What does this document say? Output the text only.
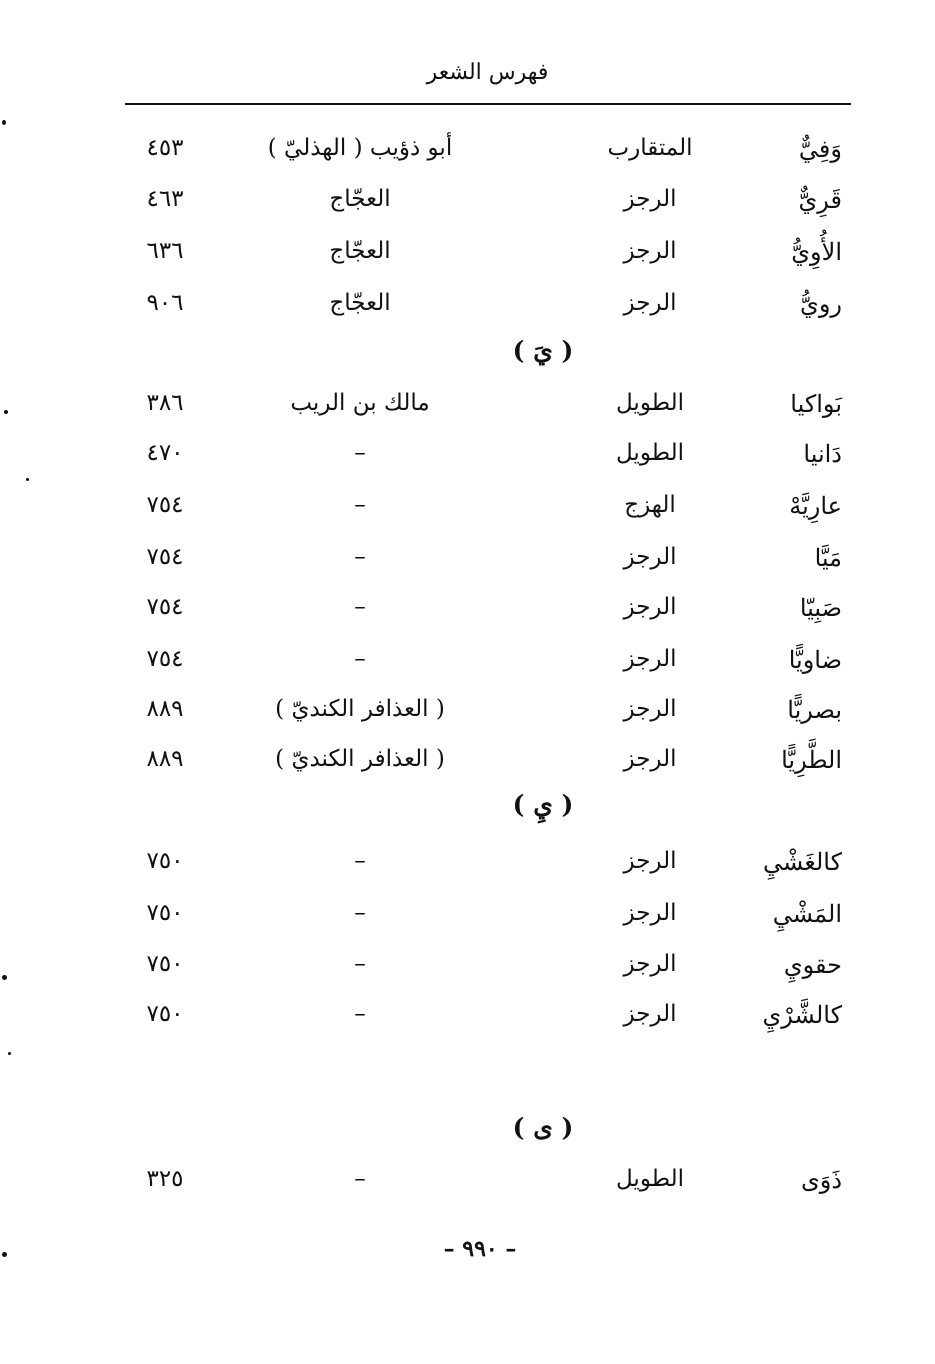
فهرس الشعر
وَفِيٌّ
المتقارب
أبو ذؤيب ( الهذليّ )
٤٥٣
قَرِيٌّ
الرجز
العجّاج
٤٦٣
الأُوِيُّ
الرجز
العجّاج
٦٣٦
رويُّ
الرجز
العجّاج
٩٠٦
( يَ )
بَواكيا
الطويل
مالك بن الريب
٣٨٦
دَانيا
الطويل
–
٤٧٠
عارِيَّهْ
الهزج
–
٧٥٤
مَيَّا
الرجز
–
٧٥٤
صَبِيّا
الرجز
–
٧٥٤
ضاويًّا
الرجز
–
٧٥٤
بصريًّا
الرجز
( العذافر الكنديّ )
٨٨٩
الطَّرِيًّا
الرجز
( العذافر الكنديّ )
٨٨٩
( يِ )
كالغَشْيِ
الرجز
–
٧٥٠
المَشْيِ
الرجز
–
٧٥٠
حقويِ
الرجز
–
٧٥٠
كالشَّرْيِ
الرجز
–
٧٥٠
( ى )
ذَوَى
الطويل
–
٣٢٥
– ٩٩٠ –
